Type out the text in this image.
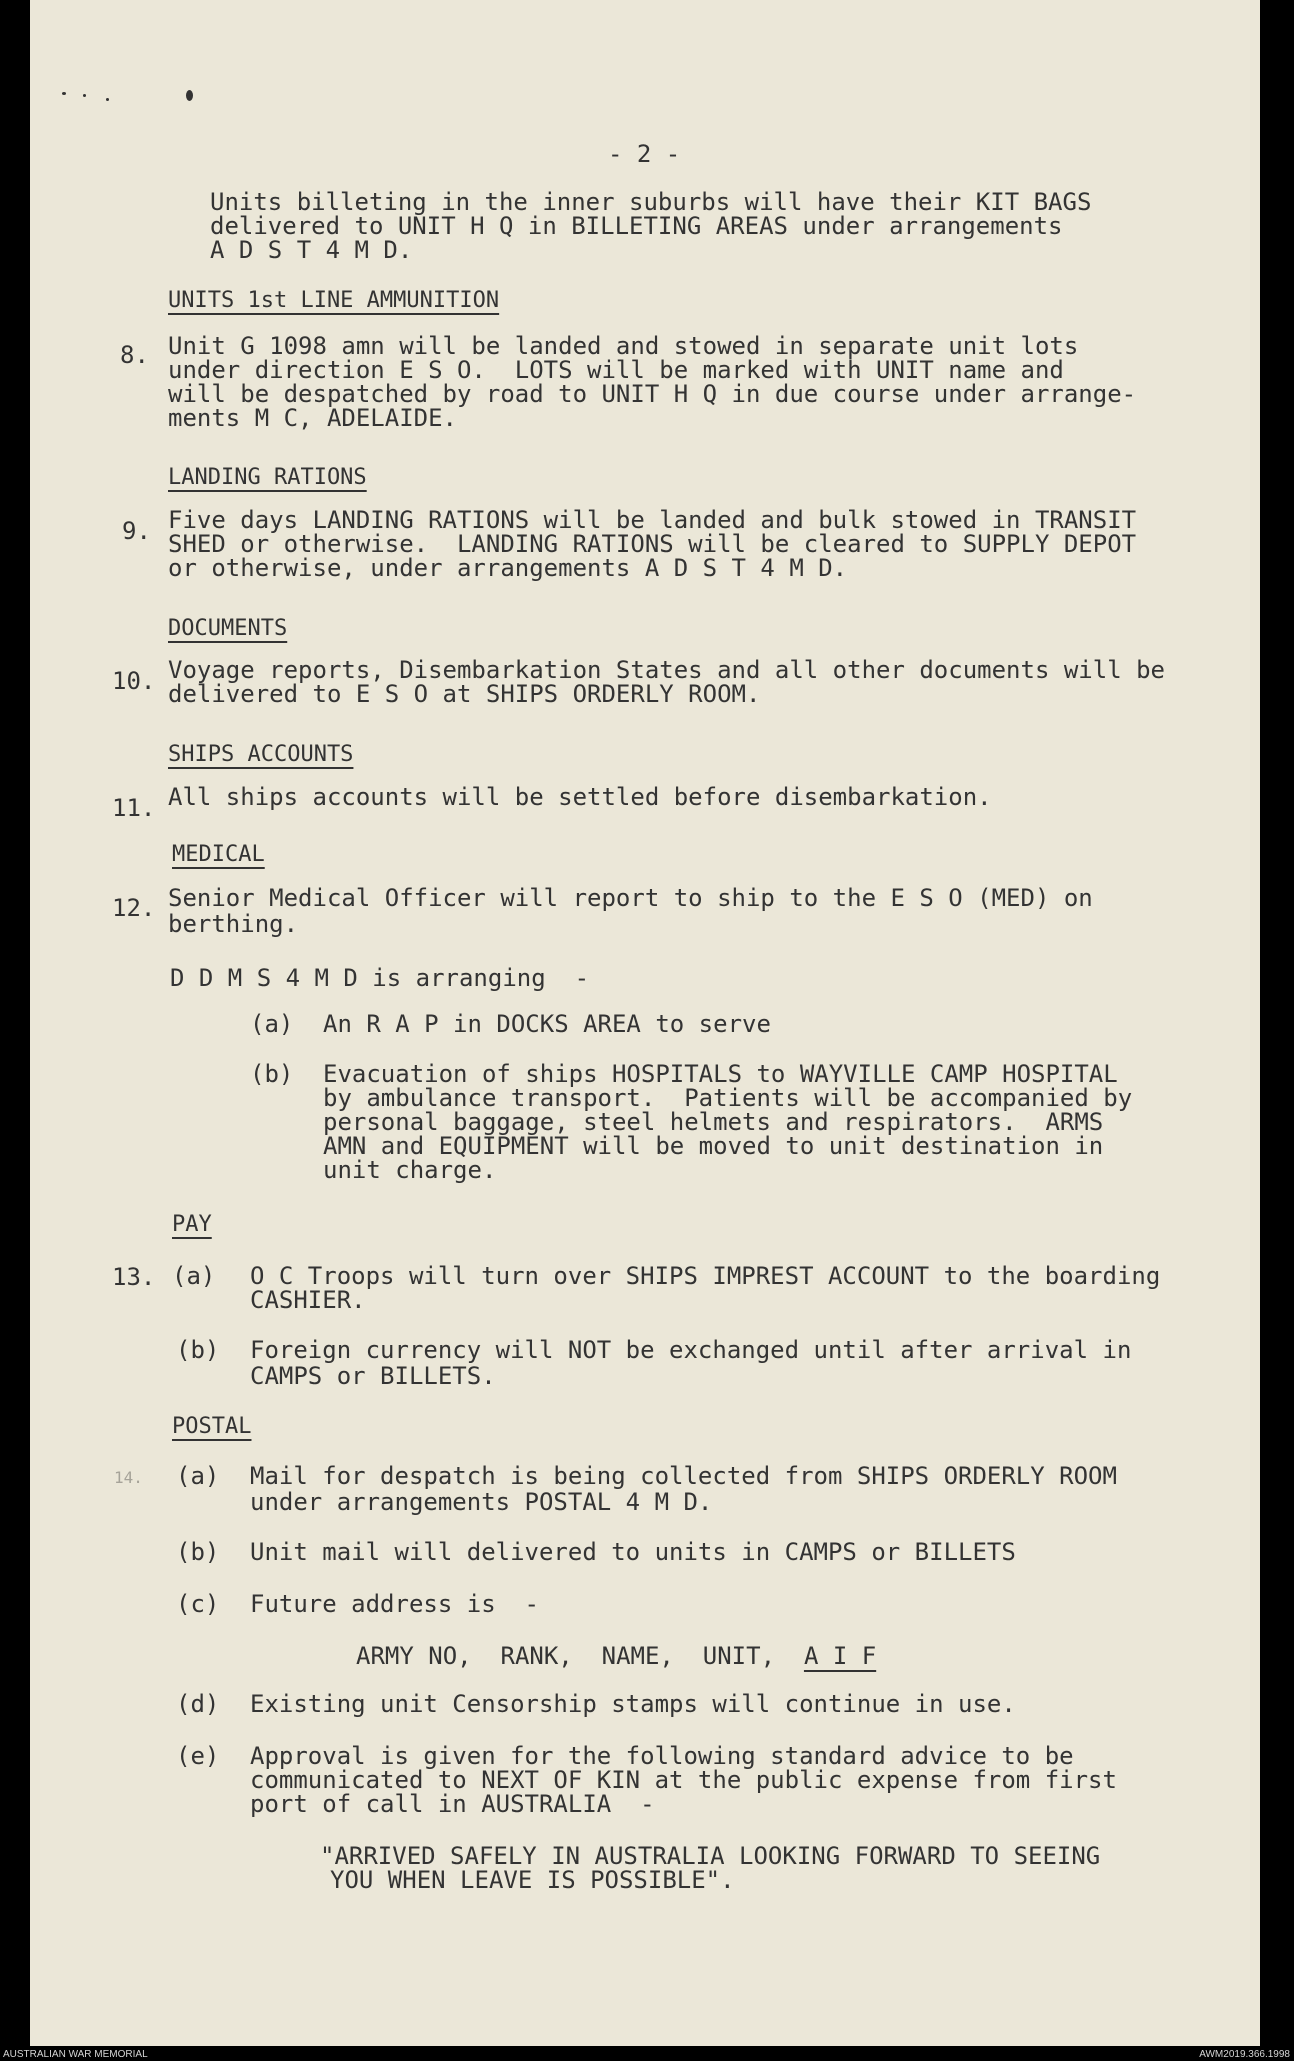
- 2 -

Units billeting in the inner suburbs will have their KIT BAGS

delivered to UNIT H Q in BILLETING AREAS under arrangements

A D S T 4 M D.

UNITS 1st LINE AMMUNITION

8. Unit G 1098 amn will be landed and stowed in separate unit lots

under direction E S O.  LOTS will be marked with UNIT name and

will be despatched by road to UNIT H Q in due course under arrange-

ments M C, ADELAIDE.

LANDING RATIONS

9. Five days LANDING RATIONS will be landed and bulk stowed in TRANSIT

SHED or otherwise.  LANDING RATIONS will be cleared to SUPPLY DEPOT

or otherwise, under arrangements A D S T 4 M D.

DOCUMENTS

10. Voyage reports, Disembarkation States and all other documents will be

delivered to E S O at SHIPS ORDERLY ROOM.

SHIPS ACCOUNTS

11. All ships accounts will be settled before disembarkation.

MEDICAL

12. Senior Medical Officer will report to ship to the E S O (MED) on

berthing.

D D M S 4 M D is arranging  -

(a) An R A P in DOCKS AREA to serve

(b) Evacuation of ships HOSPITALS to WAYVILLE CAMP HOSPITAL

by ambulance transport.  Patients will be accompanied by

personal baggage, steel helmets and respirators.  ARMS

AMN and EQUIPMENT will be moved to unit destination in

unit charge.

PAY

13. (a) O C Troops will turn over SHIPS IMPREST ACCOUNT to the boarding

CASHIER.

(b) Foreign currency will NOT be exchanged until after arrival in

CAMPS or BILLETS.

POSTAL

14. (a) Mail for despatch is being collected from SHIPS ORDERLY ROOM

under arrangements POSTAL 4 M D.

(b) Unit mail will delivered to units in CAMPS or BILLETS

(c) Future address is  -

ARMY NO,  RANK,  NAME,  UNIT,  A I F

(d) Existing unit Censorship stamps will continue in use.

(e) Approval is given for the following standard advice to be

communicated to NEXT OF KIN at the public expense from first

port of call in AUSTRALIA  -

"ARRIVED SAFELY IN AUSTRALIA LOOKING FORWARD TO SEEING

YOU WHEN LEAVE IS POSSIBLE".

AUSTRALIAN WAR MEMORIAL	AWM2019.366.1998
